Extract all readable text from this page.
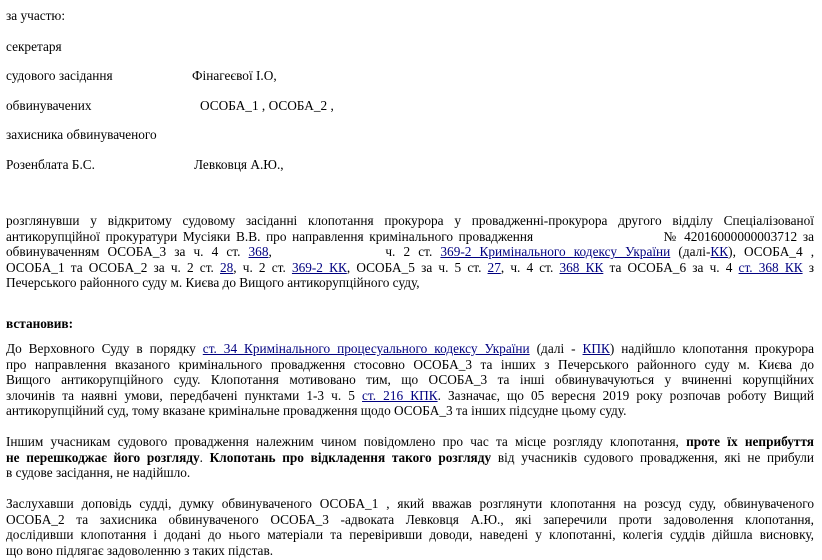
за участю:
секретаря
судового засідання	Фінагеєвої І.О,
обвинувачених	ОСОБА_1 , ОСОБА_2 ,
захисника обвинуваченого
Розенблата Б.С.	Левковця А.Ю.,
розглянувши у відкритому судовому засіданні клопотання прокурора у провадженні-прокурора другого відділу Спеціалізованої
антикорупційної прокуратури Мусіяки В.В. про направлення кримінального провадження	№ 42016000000003712 за
обвинуваченням ОСОБА_3 за ч. 4 ст. 368,	ч. 2 ст. 369-2 Кримінального кодексу України (далі-КК), ОСОБА_4 ,
ОСОБА_1 та ОСОБА_2 за ч. 2 ст. 28, ч. 2 ст. 369-2 КК, ОСОБА_5 за ч. 5 ст. 27, ч. 4 ст. 368 КК та ОСОБА_6 за ч. 4 ст. 368 КК з
Печерського районного суду м. Києва до Вищого антикорупційного суду,
встановив:
До Верховного Суду в порядку ст. 34 Кримінального процесуального кодексу України (далі - КПК) надійшло клопотання прокурора
про направлення вказаного кримінального провадження стосовно ОСОБА_3 та інших з Печерського районного суду м. Києва до
Вищого антикорупційного суду. Клопотання мотивовано тим, що ОСОБА_3 та інші обвинувачуються у вчиненні корупційних
злочинів та наявні умови, передбачені пунктами 1-3 ч. 5 ст. 216 КПК. Зазначає, що 05 вересня 2019 року розпочав роботу Вищий
антикорупційний суд, тому вказане кримінальне провадження щодо ОСОБА_3 та інших підсудне цьому суду.
Іншим учасникам судового провадження належним чином повідомлено про час та місце розгляду клопотання, проте їх неприбуття
не перешкоджає його розгляду. Клопотань про відкладення такого розгляду від учасників судового провадження, які не прибули
в судове засідання, не надійшло.
Заслухавши доповідь судді, думку обвинуваченого ОСОБА_1 , який вважав розглянути клопотання на розсуд суду, обвинуваченого
ОСОБА_2 та захисника обвинуваченого ОСОБА_3 -адвоката Левковця А.Ю., які заперечили проти задоволення клопотання,
дослідивши клопотання і додані до нього матеріали та перевіривши доводи, наведені у клопотанні, колегія суддів дійшла висновку,
що воно підлягає задоволенню з таких підстав.
